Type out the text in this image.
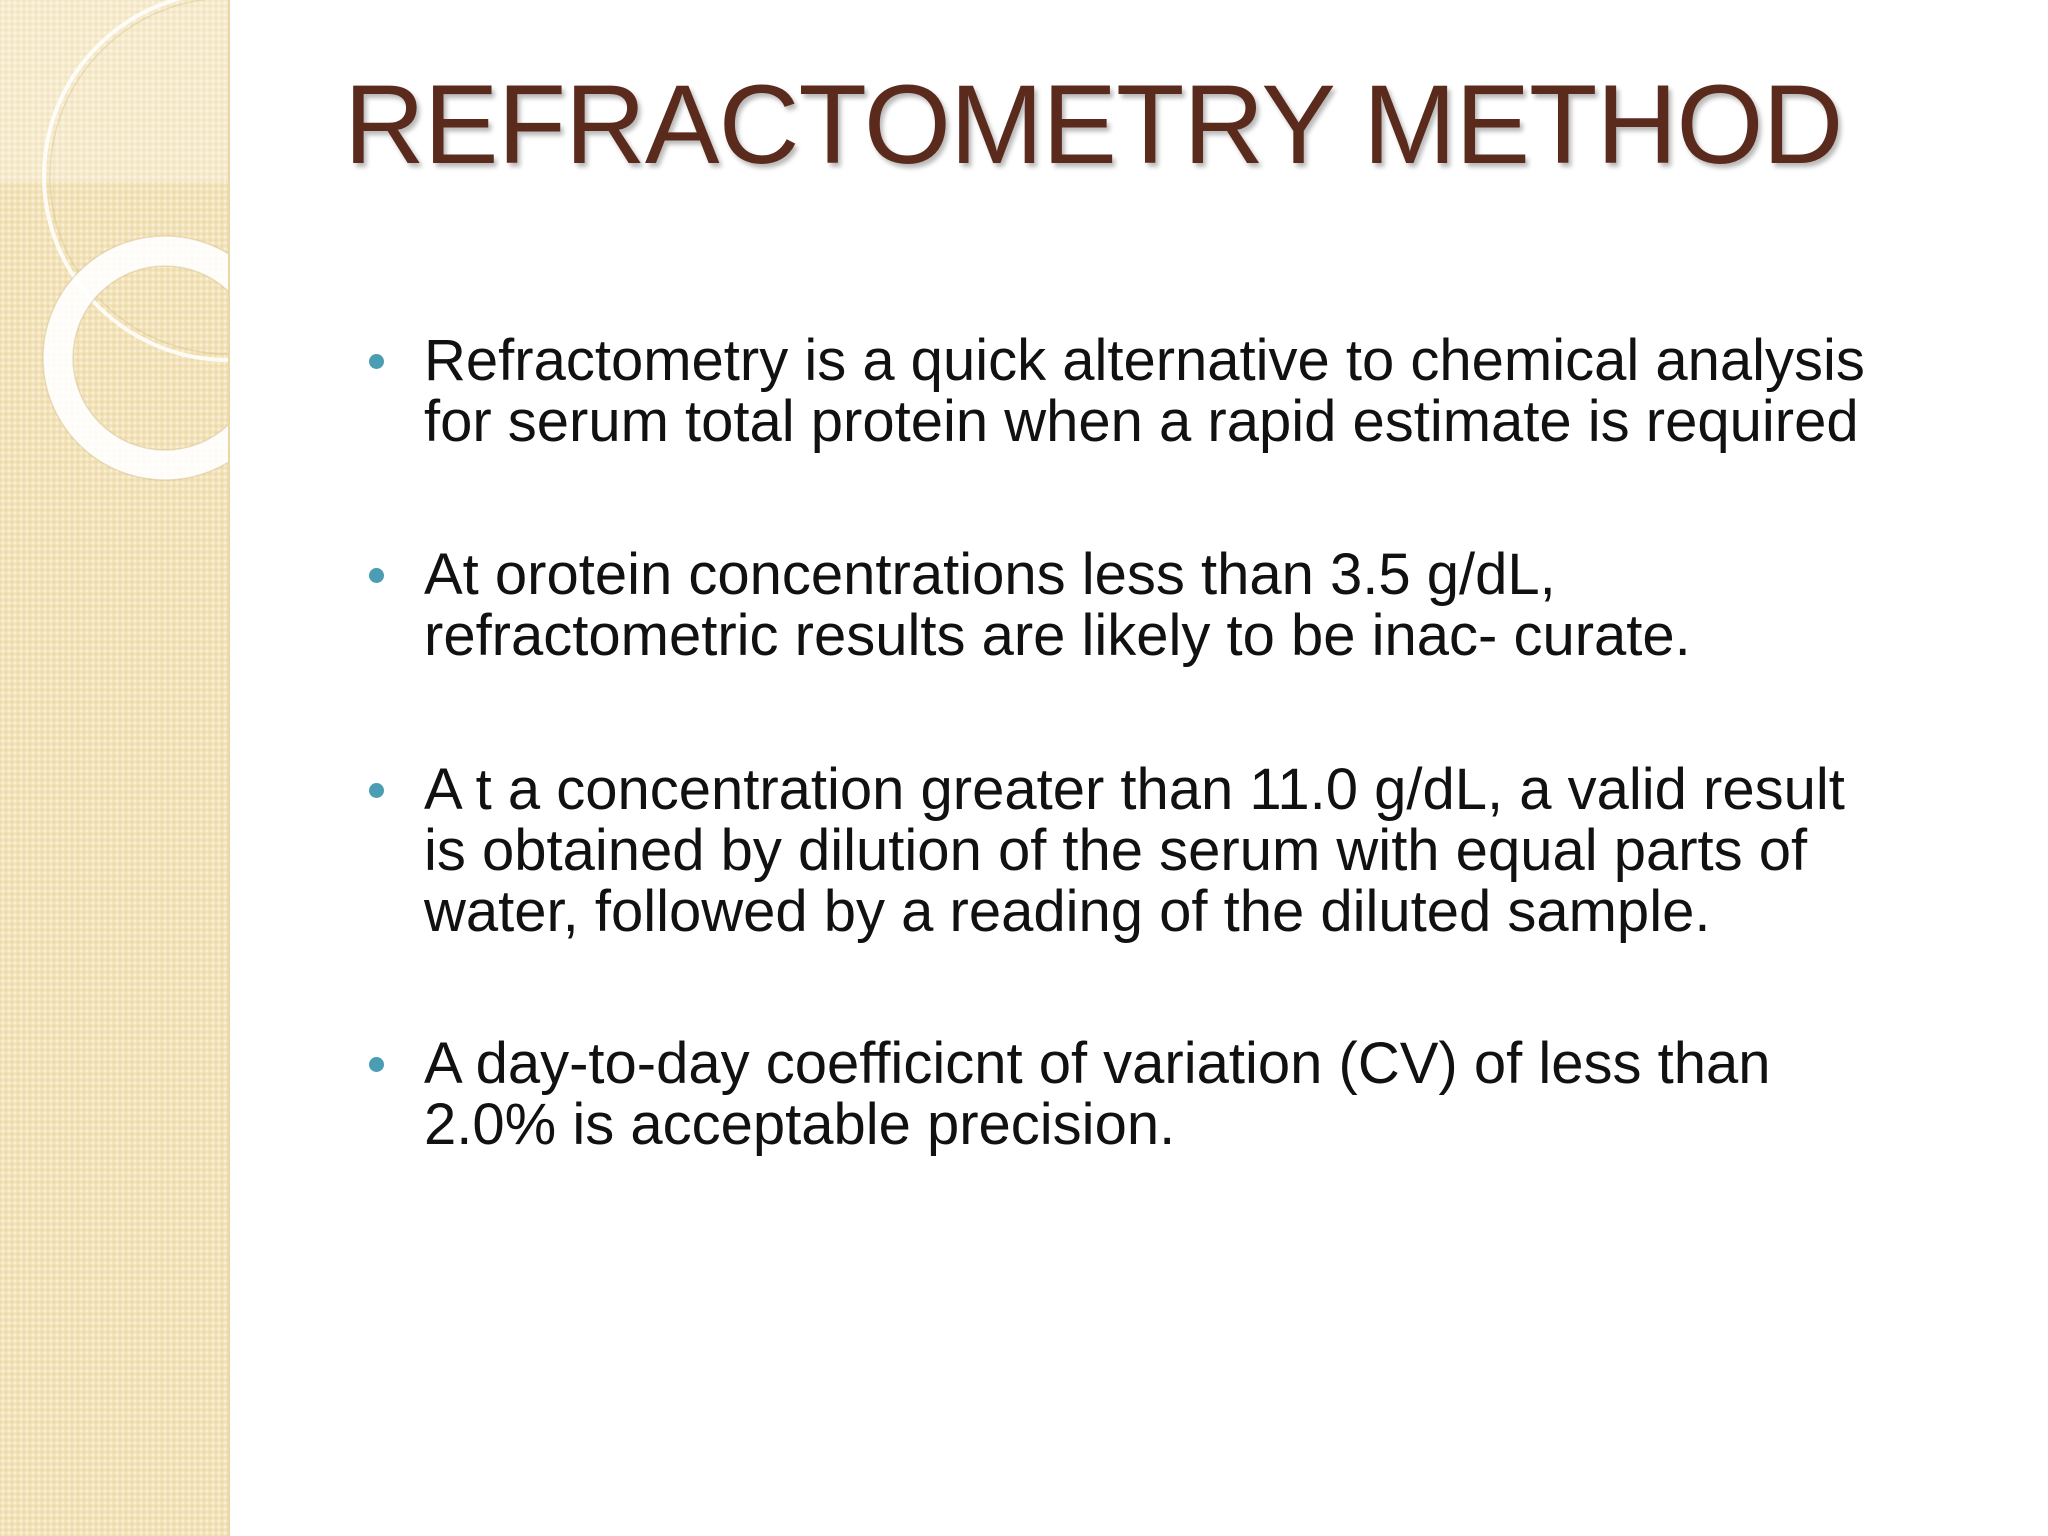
REFRACTOMETRY METHOD
Refractometry is a quick alternative to chemical analysis
for serum total protein when a rapid estimate is required
At orotein concentrations less than 3.5 g/dL,
refractometric results are likely to be inac- curate.
A t a concentration greater than 11.0 g/dL, a valid result
is obtained by dilution of the serum with equal parts of
water, followed by a reading of the diluted sample.
A day-to-day coefficicnt of variation (CV) of less than
2.0% is acceptable precision.
